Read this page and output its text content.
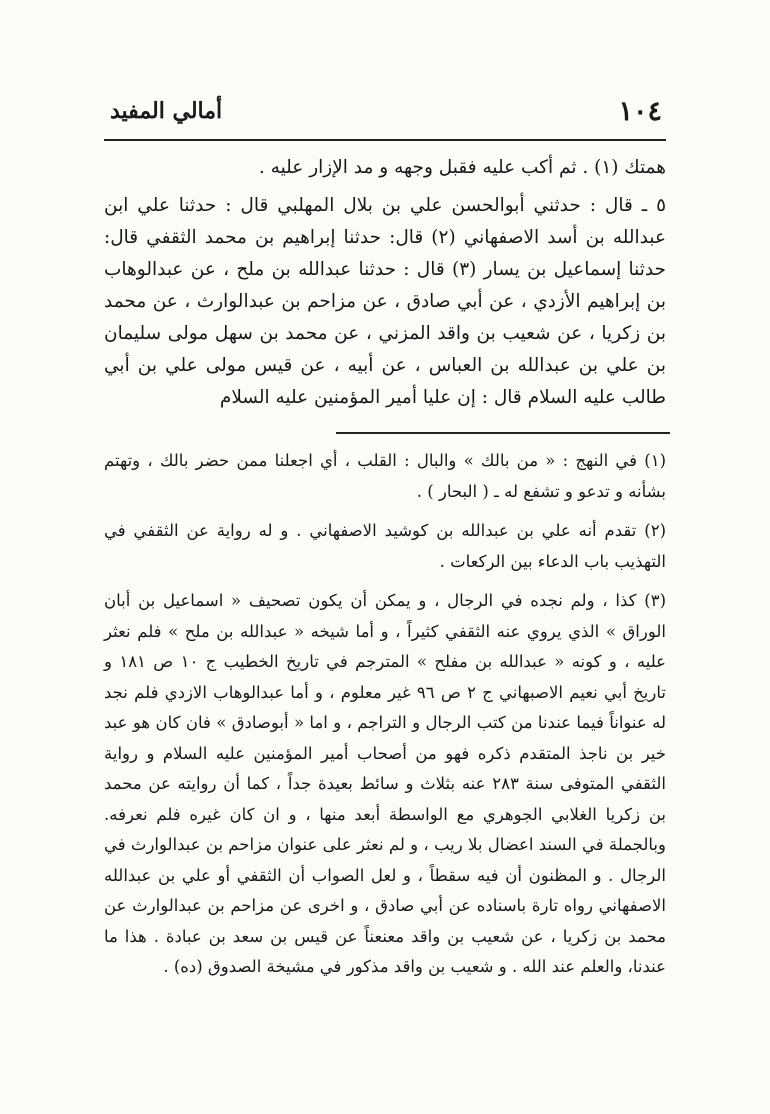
١٠٤
أمالي المفيد

همتك (١) . ثم أكب عليه فقبل وجهه و مد الإزار عليه .

٥ ـ قال : حدثني أبوالحسن علي بن بلال المهلبي قال : حدثنا علي ابن عبدالله بن أسد الاصفهاني (٢) قال: حدثنا إبراهيم بن محمد الثقفي قال: حدثنا إسماعيل بن يسار (٣) قال : حدثنا عبدالله بن ملح ، عن عبدالوهاب بن إبراهيم الأزدي ، عن أبي صادق ، عن مزاحم بن عبدالوارث ، عن محمد بن زكريا ، عن شعيب بن واقد المزني ، عن محمد بن سهل مولى سليمان بن علي بن عبدالله بن العباس ، عن أبيه ، عن قيس مولى علي بن أبي طالب عليه السلام قال : إن عليا أمير المؤمنين عليه السلام

(١) في النهج : « من بالك » والبال : القلب ، أي اجعلنا ممن حضر بالك ، وتهتم بشأنه و تدعو و تشفع له ـ ( البحار ) .

(٢) تقدم أنه علي بن عبدالله بن كوشيد الاصفهاني . و له رواية عن الثقفي في التهذيب باب الدعاء بين الركعات .

(٣) كذا ، ولم نجده في الرجال ، و يمكن أن يكون تصحيف « اسماعيل بن أبان الوراق » الذي يروي عنه الثقفي كثيراً ، و أما شيخه « عبدالله بن ملح » فلم نعثر عليه ، و كونه « عبدالله بن مفلح » المترجم في تاريخ الخطيب ج ١٠ ص ١٨١ و تاريخ أبي نعيم الاصبهاني ج ٢ ص ٩٦ غير معلوم ، و أما عبدالوهاب الازدي فلم نجد له عنواناً فيما عندنا من كتب الرجال و التراجم ، و اما « أبوصادق » فان كان هو عبد خير بن ناجذ المتقدم ذكره فهو من أصحاب أمير المؤمنين عليه السلام و رواية الثقفي المتوفى سنة ٢٨٣ عنه بثلاث و سائط بعيدة جداً ، كما أن روايته عن محمد بن زكريا الغلابي الجوهري مع الواسطة أبعد منها ، و ان كان غيره فلم نعرفه. وبالجملة في السند اعضال بلا ريب ، و لم نعثر على عنوان مزاحم بن عبدالوارث في الرجال . و المظنون أن فيه سقطاً ، و لعل الصواب أن الثقفي أو علي بن عبدالله الاصفهاني رواه تارة باسناده عن أبي صادق ، و اخرى عن مزاحم بن عبدالوارث عن محمد بن زكريا ، عن شعيب بن واقد معنعناً عن قيس بن سعد بن عبادة . هذا ما عندنا، والعلم عند الله . و شعيب بن واقد مذكور في مشيخة الصدوق (ده) .
